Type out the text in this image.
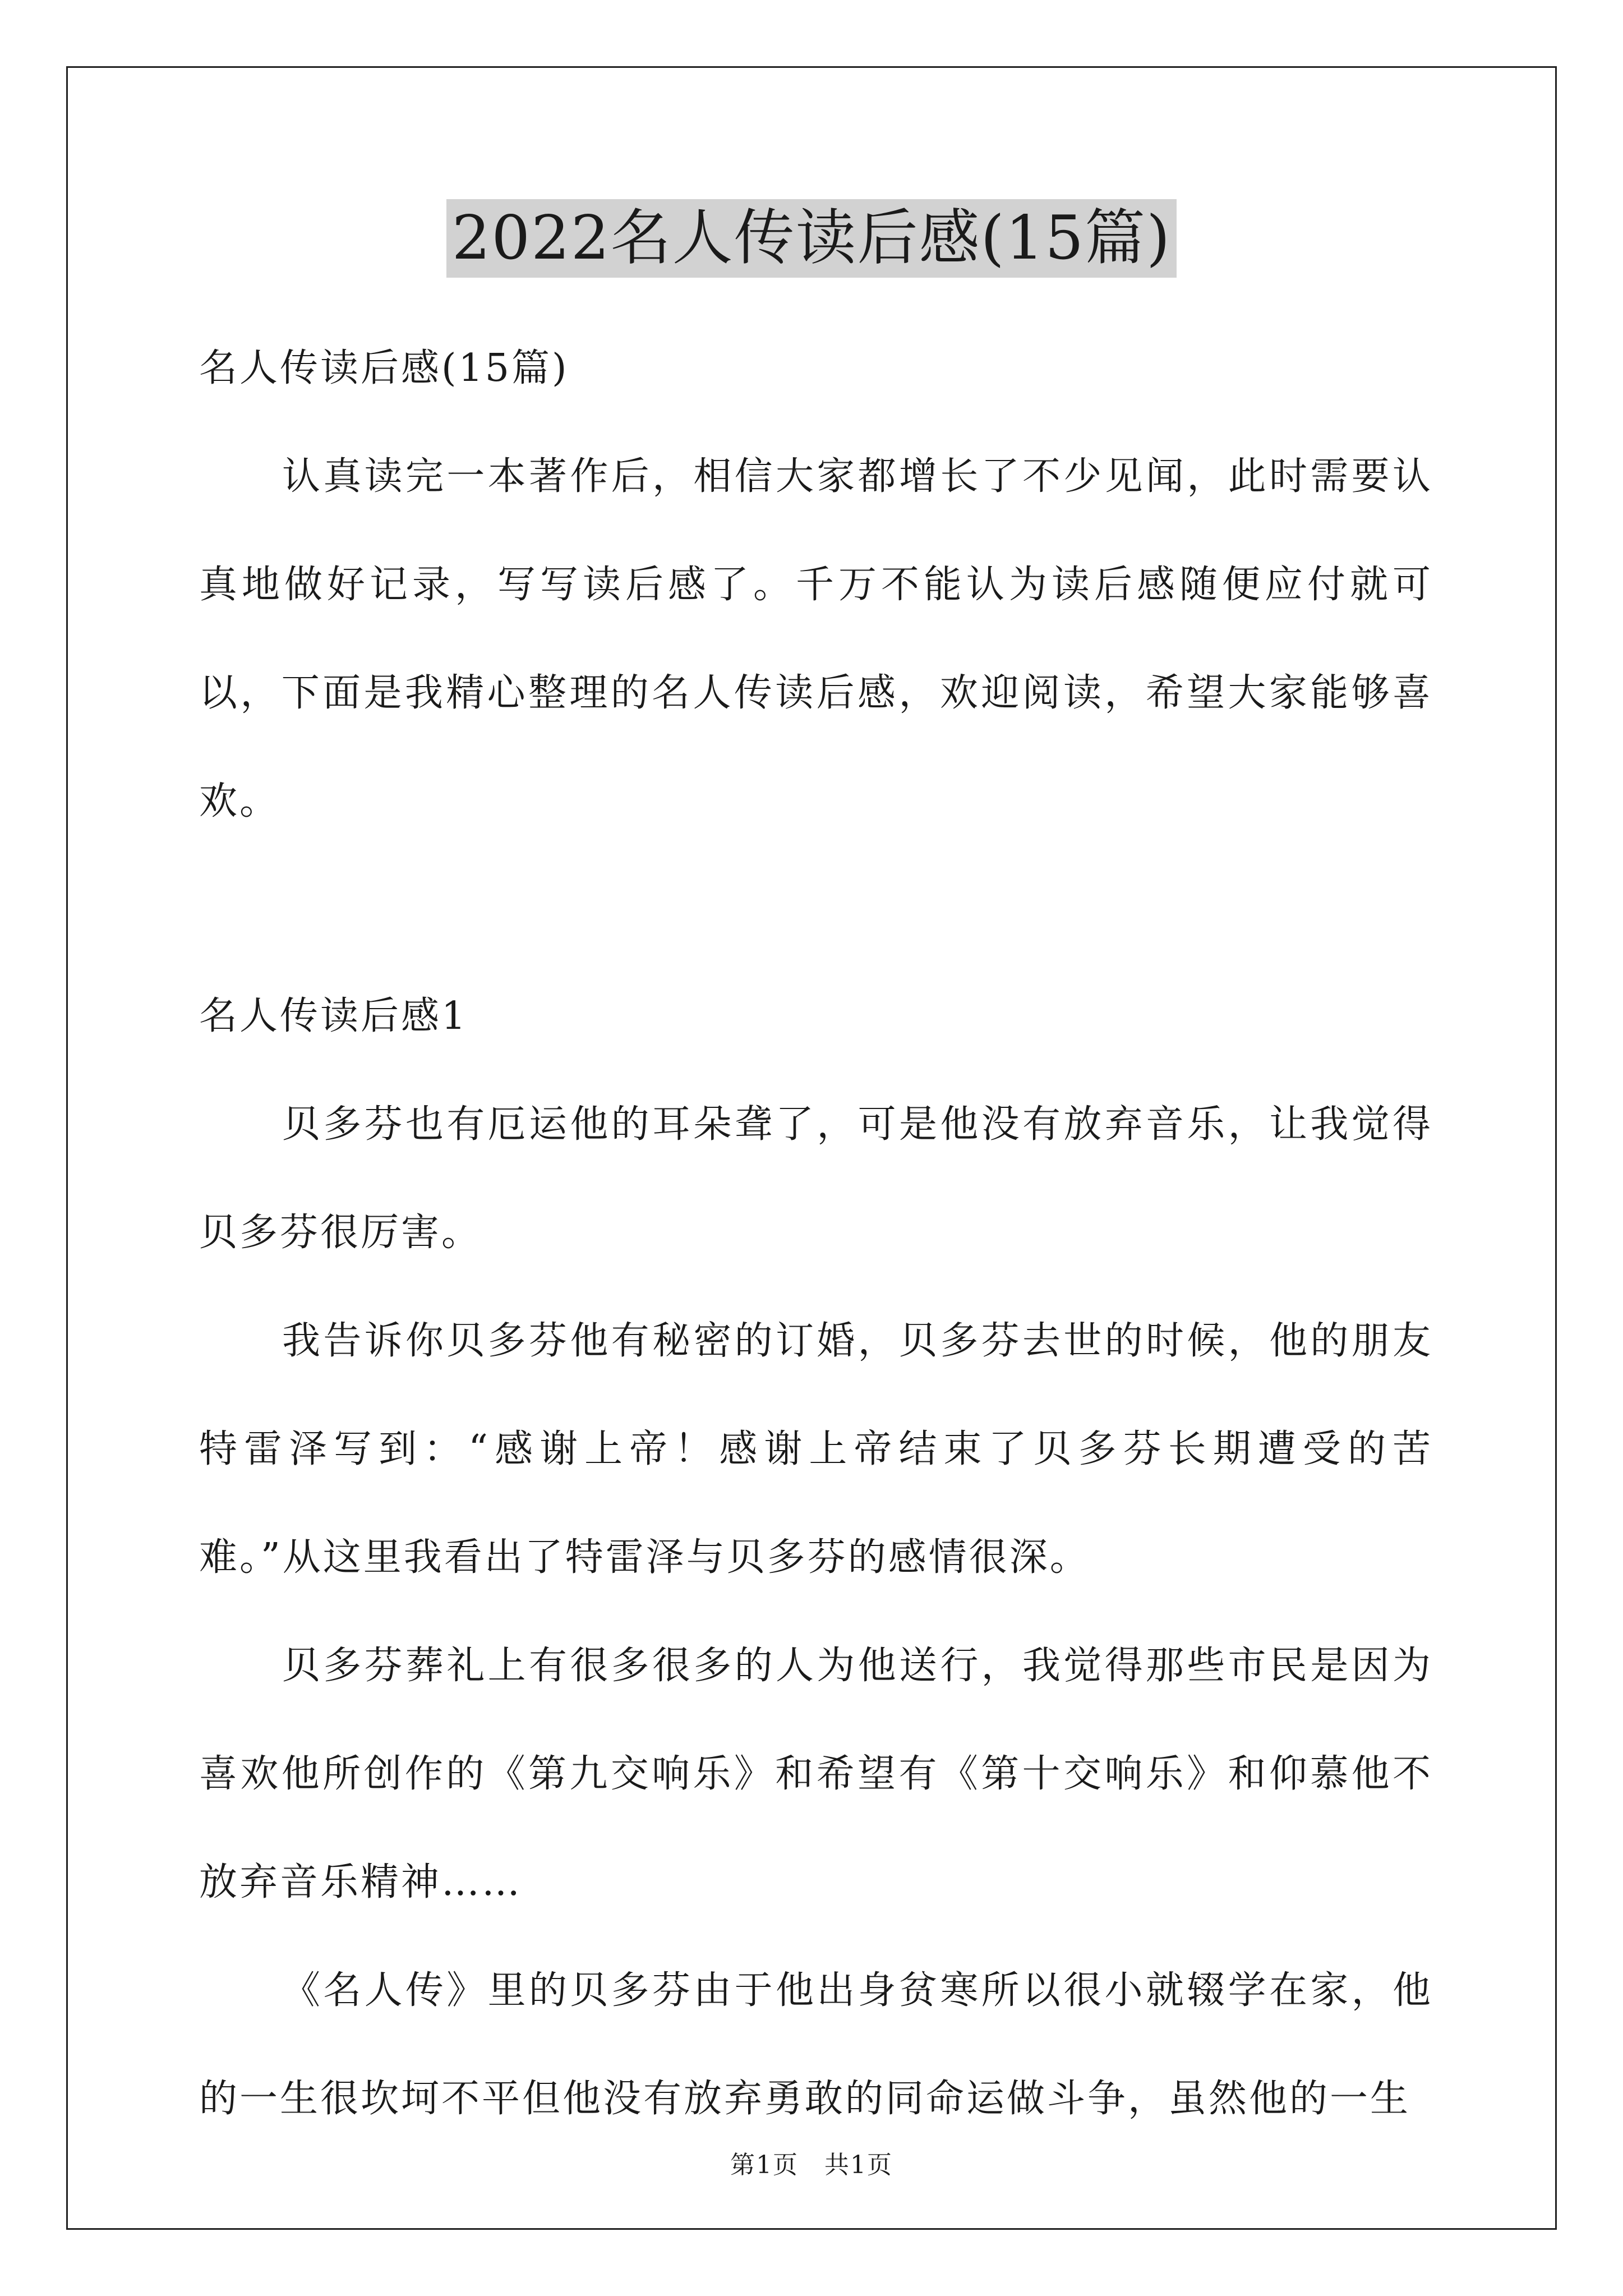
2022名人传读后感(15篇)

名人传读后感(15篇)

认真读完一本著作后，相信大家都增长了不少见闻，此时需要认真地做好记录，写写读后感了。千万不能认为读后感随便应付就可以，下面是我精心整理的名人传读后感，欢迎阅读，希望大家能够喜欢。

名人传读后感1

贝多芬也有厄运他的耳朵聋了，可是他没有放弃音乐，让我觉得贝多芬很厉害。

我告诉你贝多芬他有秘密的订婚，贝多芬去世的时候，他的朋友特雷泽写到：“感谢上帝！感谢上帝结束了贝多芬长期遭受的苦难。”从这里我看出了特雷泽与贝多芬的感情很深。

贝多芬葬礼上有很多很多的人为他送行，我觉得那些市民是因为喜欢他所创作的《第九交响乐》和希望有《第十交响乐》和仰慕他不放弃音乐精神……

《名人传》里的贝多芬由于他出身贫寒所以很小就辍学在家，他的一生很坎坷不平但他没有放弃勇敢的同命运做斗争，虽然他的一生

第1页　共1页
